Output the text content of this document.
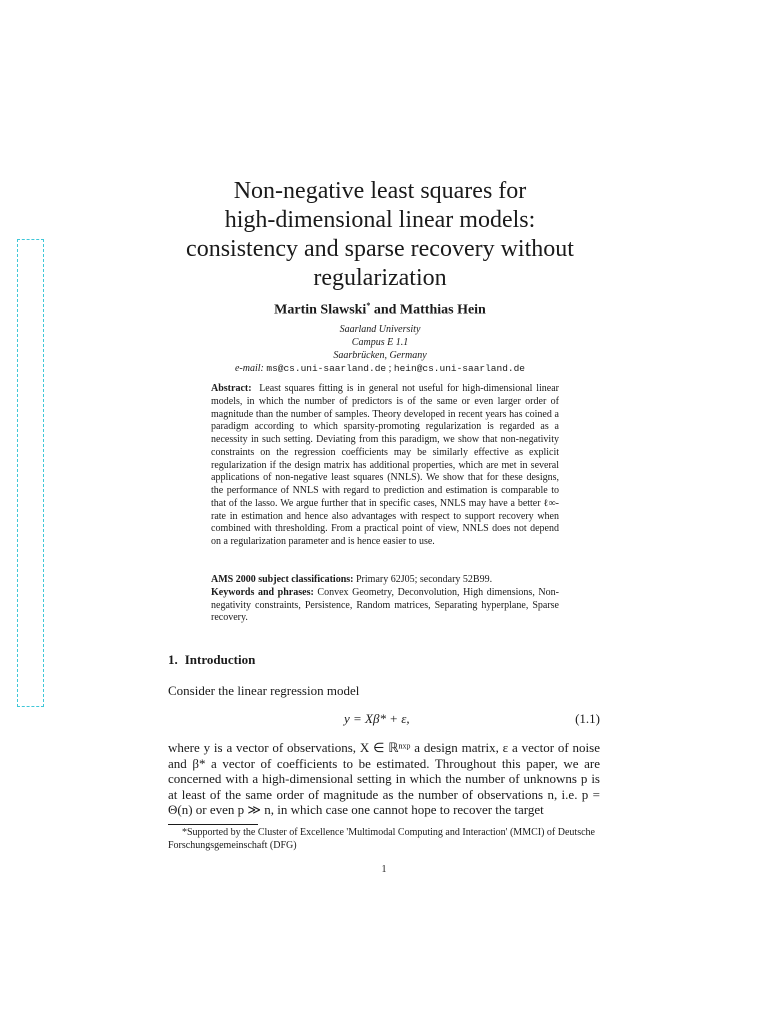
Non-negative least squares for
high-dimensional linear models:
consistency and sparse recovery without
regularization
Martin Slawski* and Matthias Hein
Saarland University
Campus E 1.1
Saarbrücken, Germany
e-mail: ms@cs.uni-saarland.de ; hein@cs.uni-saarland.de
Abstract: Least squares fitting is in general not useful for high-dimensional linear models, in which the number of predictors is of the same or even larger order of magnitude than the number of samples. Theory developed in recent years has coined a paradigm according to which sparsity-promoting regularization is regarded as a necessity in such setting. Deviating from this paradigm, we show that non-negativity constraints on the regression coefficients may be similarly effective as explicit regularization if the design matrix has additional properties, which are met in several applications of non-negative least squares (NNLS). We show that for these designs, the performance of NNLS with regard to prediction and estimation is comparable to that of the lasso. We argue further that in specific cases, NNLS may have a better ℓ∞-rate in estimation and hence also advantages with respect to support recovery when combined with thresholding. From a practical point of view, NNLS does not depend on a regularization parameter and is hence easier to use.
AMS 2000 subject classifications: Primary 62J05; secondary 52B99.
Keywords and phrases: Convex Geometry, Deconvolution, High dimensions, Non-negativity constraints, Persistence, Random matrices, Separating hyperplane, Sparse recovery.
1. Introduction
Consider the linear regression model
y = Xβ* + ε,	(1.1)
where y is a vector of observations, X ∈ ℝⁿˣᵖ a design matrix, ε a vector of noise and β* a vector of coefficients to be estimated. Throughout this paper, we are concerned with a high-dimensional setting in which the number of unknowns p is at least of the same order of magnitude as the number of observations n, i.e. p = Θ(n) or even p ≫ n, in which case one cannot hope to recover the target
*Supported by the Cluster of Excellence 'Multimodal Computing and Interaction' (MMCI) of Deutsche Forschungsgemeinschaft (DFG)
1
